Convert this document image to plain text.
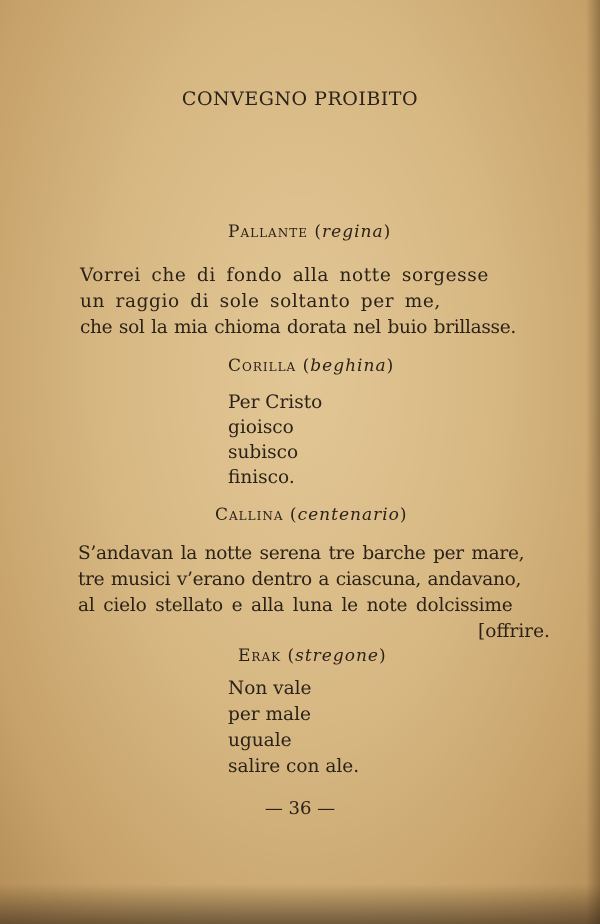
CONVEGNO PROIBITO
Pallante (regina)
Vorrei che di fondo alla notte sorgesse
un raggio di sole soltanto per me,
che sol la mia chioma dorata nel buio brillasse.
Corilla (beghina)
Per Cristo
gioisco
subisco
finisco.
Callina (centenario)
S’andavan la notte serena tre barche per mare,
tre musici v’erano dentro a ciascuna, andavano,
al cielo stellato e alla luna le note dolcissime
[offrire.
Erak (stregone)
Non vale
per male
uguale
salire con ale.
— 36 —
